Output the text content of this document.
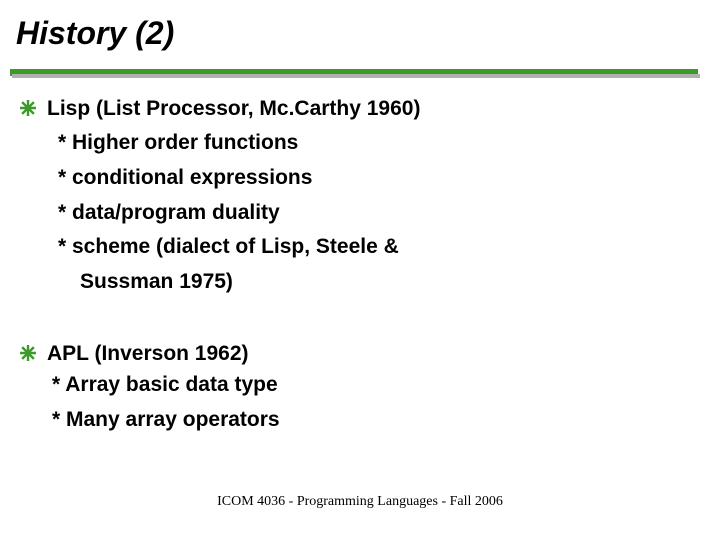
History (2)
Lisp (List Processor, Mc.Carthy 1960)
* Higher order functions
* conditional expressions
* data/program duality
* scheme (dialect of Lisp, Steele &
Sussman 1975)
APL (Inverson 1962)
* Array basic data type
* Many array operators
ICOM 4036 - Programming Languages - Fall 2006
